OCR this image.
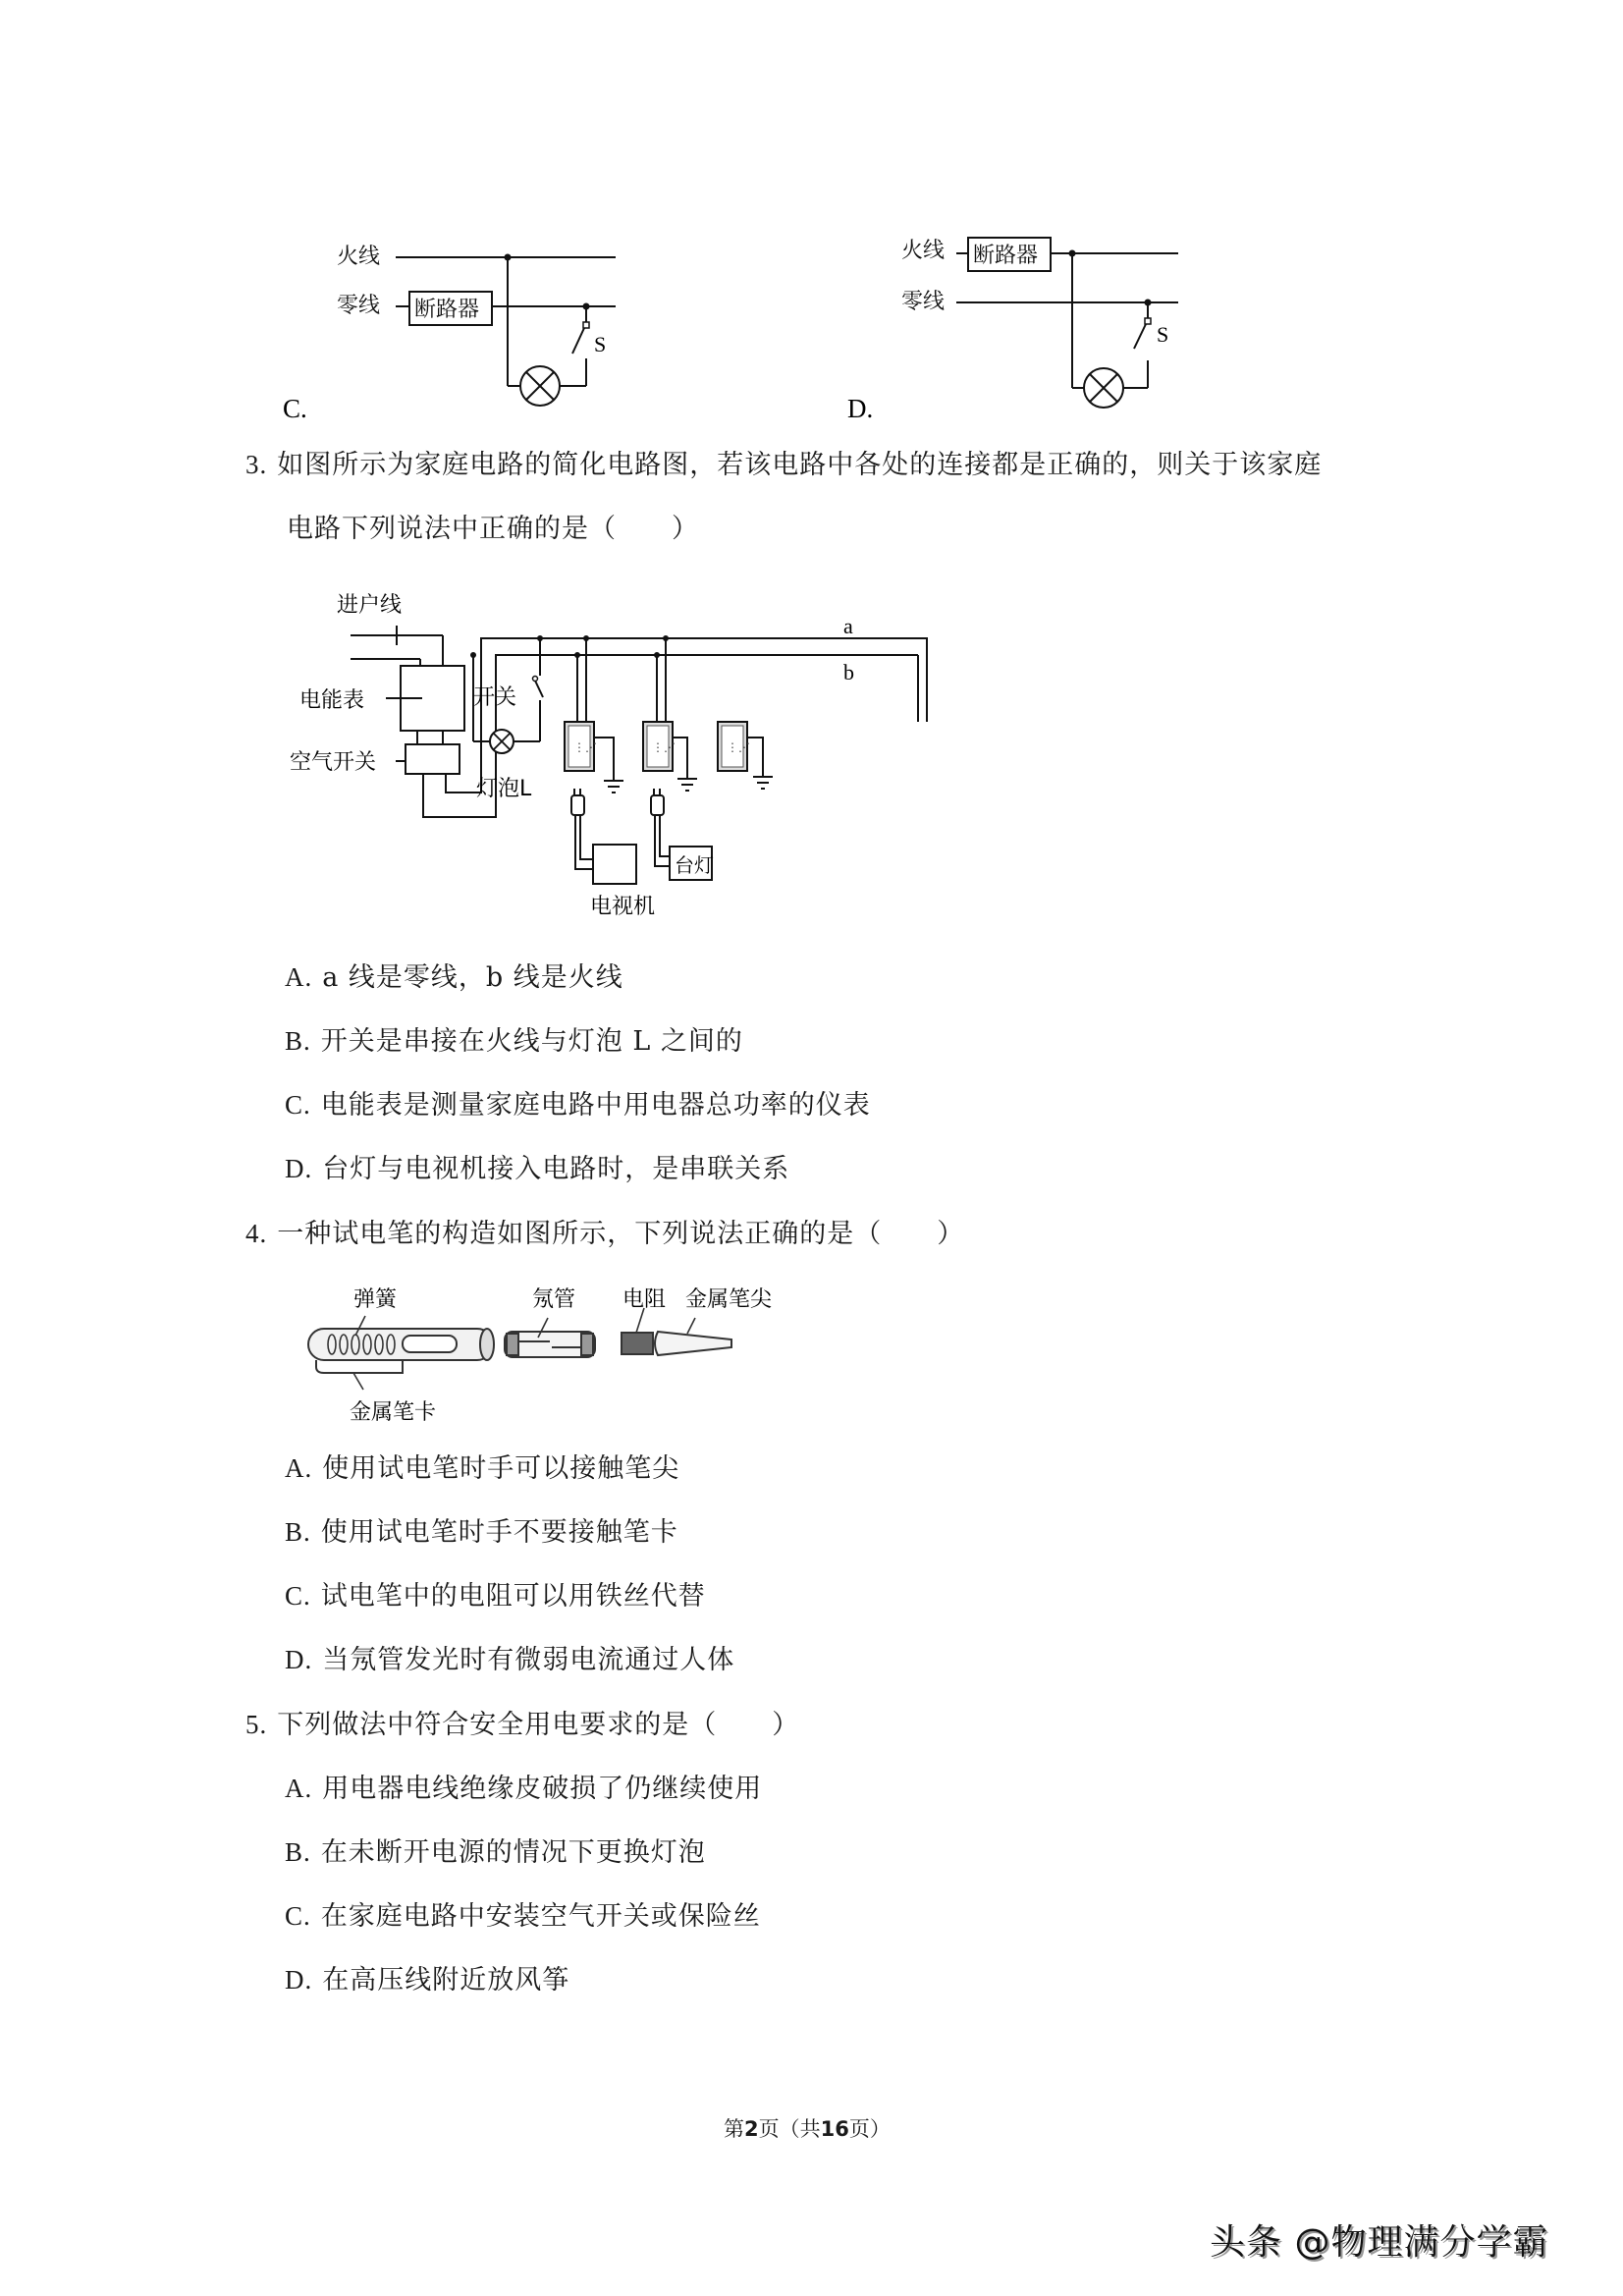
火线
零线 断路器
S
C.
火线 断路器
零线
S
D.
3. 如图所示为家庭电路的简化电路图，若该电路中各处的连接都是正确的，则关于该家庭
电路下列说法中正确的是（　　）
⋮⋰	⋮⋰	⋮⋰
进户线
电能表
空气开关
开关
灯泡L
a
b
电视机
台灯
A. a 线是零线，b 线是火线
B. 开关是串接在火线与灯泡 L 之间的
C. 电能表是测量家庭电路中用电器总功率的仪表
D. 台灯与电视机接入电路时，是串联关系
4. 一种试电笔的构造如图所示，下列说法正确的是（　　）
弹簧	氖管 电阻 金属笔尖
金属笔卡
A. 使用试电笔时手可以接触笔尖
B. 使用试电笔时手不要接触笔卡
C. 试电笔中的电阻可以用铁丝代替
D. 当氖管发光时有微弱电流通过人体
5. 下列做法中符合安全用电要求的是（　　）
A. 用电器电线绝缘皮破损了仍继续使用
B. 在未断开电源的情况下更换灯泡
C. 在家庭电路中安装空气开关或保险丝
D. 在高压线附近放风筝
第2页（共16页）
头条 @物理满分学霸
